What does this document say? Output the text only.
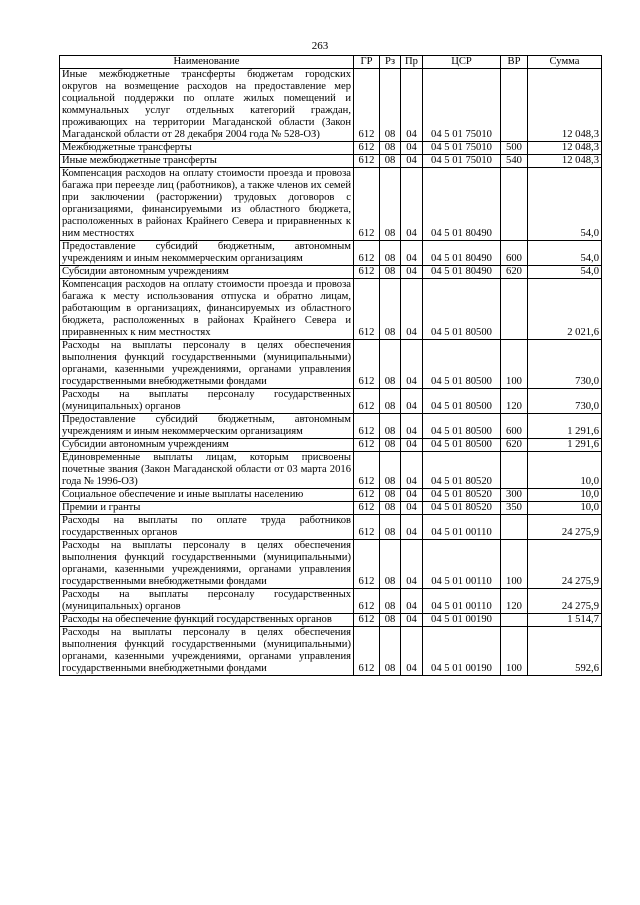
263
Наименование	ГР	Рз	Пр	ЦСР	ВР	Сумма
Иные межбюджетные трансферты бюджетам городских округов на возмещение расходов на предоставление мер социальной поддержки по оплате жилых помещений и коммунальных услуг отдельных категорий граждан, проживающих на территории Магаданской области (Закон Магаданской области от 28 декабря 2004 года № 528-ОЗ)	612	08	04	04 5 01 75010		12 048,3
Межбюджетные трансферты	612	08	04	04 5 01 75010	500	12 048,3
Иные межбюджетные трансферты	612	08	04	04 5 01 75010	540	12 048,3
Компенсация расходов на оплату стоимости проезда и провоза багажа при переезде лиц (работников), а также членов их семей при заключении (расторжении) трудовых договоров с организациями, финансируемыми из областного бюджета, расположенных в районах Крайнего Севера и приравненных к ним местностях	612	08	04	04 5 01 80490		54,0
Предоставление субсидий бюджетным, автономным учреждениям и иным некоммерческим организациям	612	08	04	04 5 01 80490	600	54,0
Субсидии автономным учреждениям	612	08	04	04 5 01 80490	620	54,0
Компенсация расходов на оплату стоимости проезда и провоза багажа к месту использования отпуска и обратно лицам, работающим в организациях, финансируемых из областного бюджета, расположенных в районах Крайнего Севера и приравненных к ним местностях	612	08	04	04 5 01 80500		2 021,6
Расходы на выплаты персоналу в целях обеспечения выполнения функций государственными (муниципальными) органами, казенными учреждениями, органами управления государственными внебюджетными фондами	612	08	04	04 5 01 80500	100	730,0
Расходы на выплаты персоналу государственных (муниципальных) органов	612	08	04	04 5 01 80500	120	730,0
Предоставление субсидий бюджетным, автономным учреждениям и иным некоммерческим организациям	612	08	04	04 5 01 80500	600	1 291,6
Субсидии автономным учреждениям	612	08	04	04 5 01 80500	620	1 291,6
Единовременные выплаты лицам, которым присвоены почетные звания (Закон Магаданской области от 03 марта 2016 года № 1996-ОЗ)	612	08	04	04 5 01 80520		10,0
Социальное обеспечение и иные выплаты населению	612	08	04	04 5 01 80520	300	10,0
Премии и гранты	612	08	04	04 5 01 80520	350	10,0
Расходы на выплаты по оплате труда работников государственных органов	612	08	04	04 5 01 00110		24 275,9
Расходы на выплаты персоналу в целях обеспечения выполнения функций государственными (муниципальными) органами, казенными учреждениями, органами управления государственными внебюджетными фондами	612	08	04	04 5 01 00110	100	24 275,9
Расходы на выплаты персоналу государственных (муниципальных) органов	612	08	04	04 5 01 00110	120	24 275,9
Расходы на обеспечение функций государственных органов	612	08	04	04 5 01 00190		1 514,7
Расходы на выплаты персоналу в целях обеспечения выполнения функций государственными (муниципальными) органами, казенными учреждениями, органами управления государственными внебюджетными фондами	612	08	04	04 5 01 00190	100	592,6
